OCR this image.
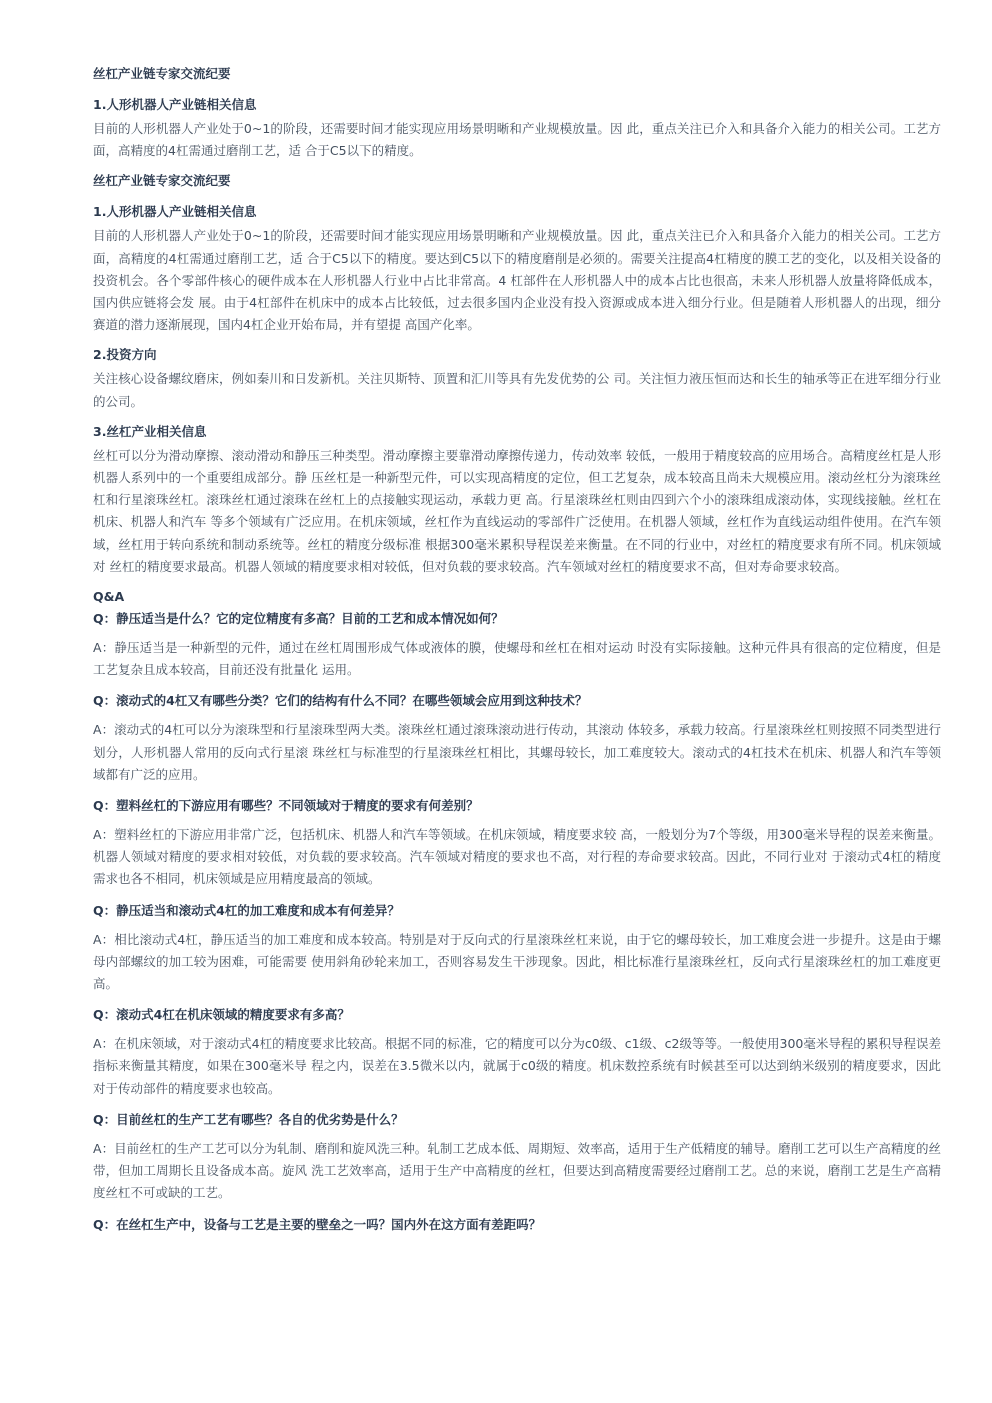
丝杠产业链专家交流纪要
1.人形机器人产业链相关信息
目前的人形机器人产业处于0~1的阶段，还需要时间才能实现应用场景明晰和产业规模放量。因 此，重点关注已介入和具备介入能力的相关公司。工艺方面，高精度的4杠需通过磨削工艺，适 合于C5以下的精度。
丝杠产业链专家交流纪要
1.人形机器人产业链相关信息
目前的人形机器人产业处于0~1的阶段，还需要时间才能实现应用场景明晰和产业规模放量。因 此，重点关注已介入和具备介入能力的相关公司。工艺方面，高精度的4杠需通过磨削工艺，适 合于C5以下的精度。要达到C5以下的精度磨削是必须的。需要关注提高4杠精度的膜工艺的变化，以及相关设备的投资机会。各个零部件核心的硬件成本在人形机器人行业中占比非常高。4 杠部件在人形机器人中的成本占比也很高，未来人形机器人放量将降低成本，国内供应链将会发 展。由于4杠部件在机床中的成本占比较低，过去很多国内企业没有投入资源或成本进入细分行业。但是随着人形机器人的出现，细分赛道的潜力逐渐展现，国内4杠企业开始布局，并有望提 高国产化率。
2.投资方向
关注核心设备螺纹磨床，例如秦川和日发新机。关注贝斯特、顶置和汇川等具有先发优势的公 司。关注恒力液压恒而达和长生的轴承等正在进军细分行业的公司。
3.丝杠产业相关信息
丝杠可以分为滑动摩擦、滚动滑动和静压三种类型。滑动摩擦主要靠滑动摩擦传递力，传动效率 较低，一般用于精度较高的应用场合。高精度丝杠是人形机器人系列中的一个重要组成部分。静 压丝杠是一种新型元件，可以实现高精度的定位，但工艺复杂，成本较高且尚未大规模应用。滚动丝杠分为滚珠丝杠和行星滚珠丝杠。滚珠丝杠通过滚珠在丝杠上的点接触实现运动，承载力更 高。行星滚珠丝杠则由四到六个小的滚珠组成滚动体，实现线接触。丝杠在机床、机器人和汽车 等多个领域有广泛应用。在机床领域，丝杠作为直线运动的零部件广泛使用。在机器人领域，丝杠作为直线运动组件使用。在汽车领域，丝杠用于转向系统和制动系统等。丝杠的精度分级标准 根据300毫米累积导程误差来衡量。在不同的行业中，对丝杠的精度要求有所不同。机床领域对 丝杠的精度要求最高。机器人领域的精度要求相对较低，但对负载的要求较高。汽车领域对丝杠的精度要求不高，但对寿命要求较高。
Q&A
Q：静压适当是什么？它的定位精度有多高？目前的工艺和成本情况如何？
A：静压适当是一种新型的元件，通过在丝杠周围形成气体或液体的膜，使螺母和丝杠在相对运动 时没有实际接触。这种元件具有很高的定位精度，但是工艺复杂且成本较高，目前还没有批量化 运用。
Q：滚动式的4杠又有哪些分类？它们的结构有什么不同？在哪些领域会应用到这种技术？
A：滚动式的4杠可以分为滚珠型和行星滚珠型两大类。滚珠丝杠通过滚珠滚动进行传动，其滚动 体较多，承载力较高。行星滚珠丝杠则按照不同类型进行划分，人形机器人常用的反向式行星滚 珠丝杠与标准型的行星滚珠丝杠相比，其螺母较长，加工难度较大。滚动式的4杠技术在机床、机器人和汽车等领域都有广泛的应用。
Q：塑料丝杠的下游应用有哪些？不同领域对于精度的要求有何差别？
A：塑料丝杠的下游应用非常广泛，包括机床、机器人和汽车等领域。在机床领域，精度要求较 高，一般划分为7个等级，用300毫米导程的误差来衡量。机器人领域对精度的要求相对较低，对负载的要求较高。汽车领域对精度的要求也不高，对行程的寿命要求较高。因此，不同行业对 于滚动式4杠的精度需求也各不相同，机床领域是应用精度最高的领域。
Q：静压适当和滚动式4杠的加工难度和成本有何差异？
A：相比滚动式4杠，静压适当的加工难度和成本较高。特别是对于反向式的行星滚珠丝杠来说，由于它的螺母较长，加工难度会进一步提升。这是由于螺母内部螺纹的加工较为困难，可能需要 使用斜角砂轮来加工，否则容易发生干涉现象。因此，相比标准行星滚珠丝杠，反向式行星滚珠丝杠的加工难度更高。
Q：滚动式4杠在机床领域的精度要求有多高？
A：在机床领域，对于滚动式4杠的精度要求比较高。根据不同的标准，它的精度可以分为c0级、c1级、c2级等等。一般使用300毫米导程的累积导程误差指标来衡量其精度，如果在300毫米导 程之内，误差在3.5微米以内，就属于c0级的精度。机床数控系统有时候甚至可以达到纳米级别的精度要求，因此对于传动部件的精度要求也较高。
Q：目前丝杠的生产工艺有哪些？各自的优劣势是什么？
A：目前丝杠的生产工艺可以分为轧制、磨削和旋风洗三种。轧制工艺成本低、周期短、效率高，适用于生产低精度的辅导。磨削工艺可以生产高精度的丝带，但加工周期长且设备成本高。旋风 洗工艺效率高，适用于生产中高精度的丝杠，但要达到高精度需要经过磨削工艺。总的来说，磨削工艺是生产高精度丝杠不可或缺的工艺。
Q：在丝杠生产中，设备与工艺是主要的壁垒之一吗？国内外在这方面有差距吗？
